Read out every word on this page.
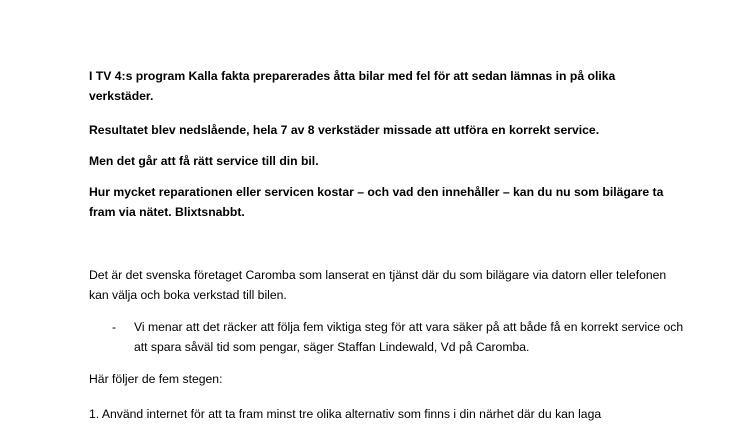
I TV 4:s program Kalla fakta preparerades åtta bilar med fel för att sedan lämnas in på olika verkstäder.

Resultatet blev nedslående, hela 7 av 8 verkstäder missade att utföra en korrekt service.

Men det går att få rätt service till din bil.

Hur mycket reparationen eller servicen kostar – och vad den innehåller – kan du nu som bilägare ta fram via nätet. Blixtsnabbt.

Det är det svenska företaget Caromba som lanserat en tjänst där du som bilägare via datorn eller telefonen kan välja och boka verkstad till bilen.

- Vi menar att det räcker att följa fem viktiga steg för att vara säker på att både få en korrekt service och att spara såväl tid som pengar, säger Staffan Lindewald, Vd på Caromba.

Här följer de fem stegen:

1. Använd internet för att ta fram minst tre olika alternativ som finns i din närhet där du kan laga
